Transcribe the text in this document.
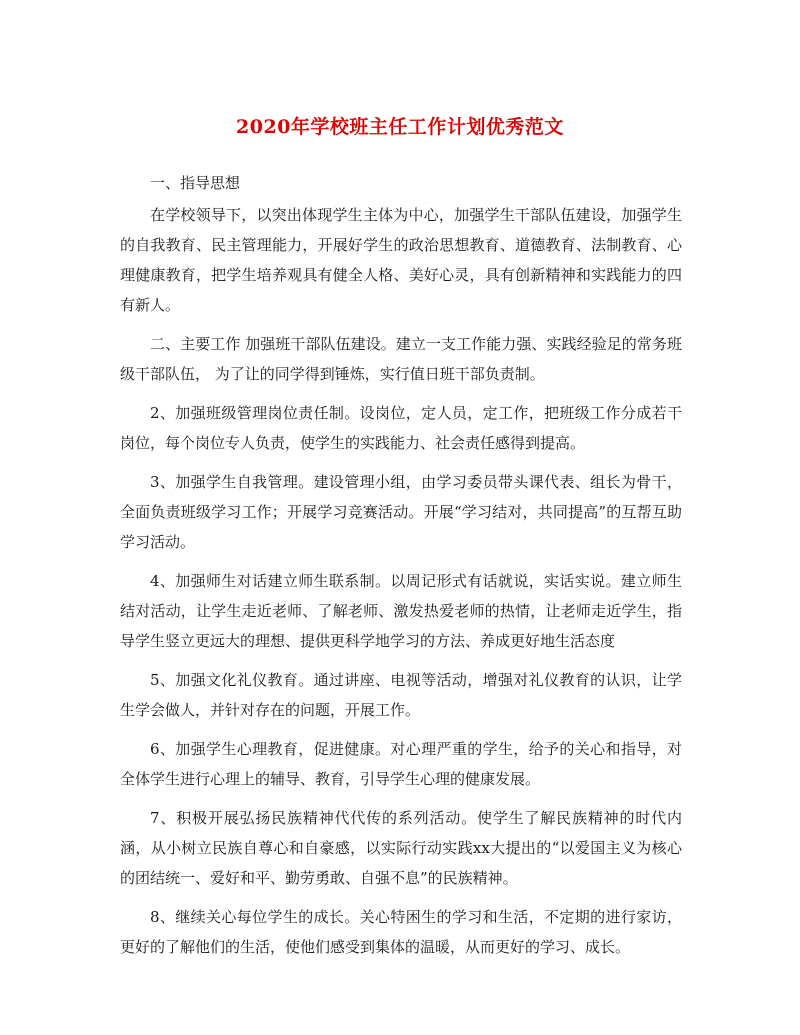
2020年学校班主任工作计划优秀范文

一、指导思想

在学校领导下，以突出体现学生主体为中心，加强学生干部队伍建设，加强学生的自我教育、民主管理能力，开展好学生的政治思想教育、道德教育、法制教育、心理健康教育，把学生培养观具有健全人格、美好心灵，具有创新精神和实践能力的四有新人。

二、主要工作 加强班干部队伍建设。建立一支工作能力强、实践经验足的常务班级干部队伍， 为了让的同学得到锤炼，实行值日班干部负责制。

2、加强班级管理岗位责任制。设岗位，定人员，定工作，把班级工作分成若干岗位，每个岗位专人负责，使学生的实践能力、社会责任感得到提高。

3、加强学生自我管理。建设管理小组，由学习委员带头课代表、组长为骨干，全面负责班级学习工作；开展学习竞赛活动。开展“学习结对，共同提高”的互帮互助学习活动。

4、加强师生对话建立师生联系制。以周记形式有话就说，实话实说。建立师生结对活动，让学生走近老师、了解老师、激发热爱老师的热情，让老师走近学生，指导学生竖立更远大的理想、提供更科学地学习的方法、养成更好地生活态度

5、加强文化礼仪教育。通过讲座、电视等活动，增强对礼仪教育的认识，让学生学会做人，并针对存在的问题，开展工作。

6、加强学生心理教育，促进健康。对心理严重的学生，给予的关心和指导，对全体学生进行心理上的辅导、教育，引导学生心理的健康发展。

7、积极开展弘扬民族精神代代传的系列活动。使学生了解民族精神的时代内涵，从小树立民族自尊心和自豪感，以实际行动实践xx大提出的“以爱国主义为核心的团结统一、爱好和平、勤劳勇敢、自强不息”的民族精神。

8、继续关心每位学生的成长。关心特困生的学习和生活，不定期的进行家访，更好的了解他们的生活，使他们感受到集体的温暖，从而更好的学习、成长。
